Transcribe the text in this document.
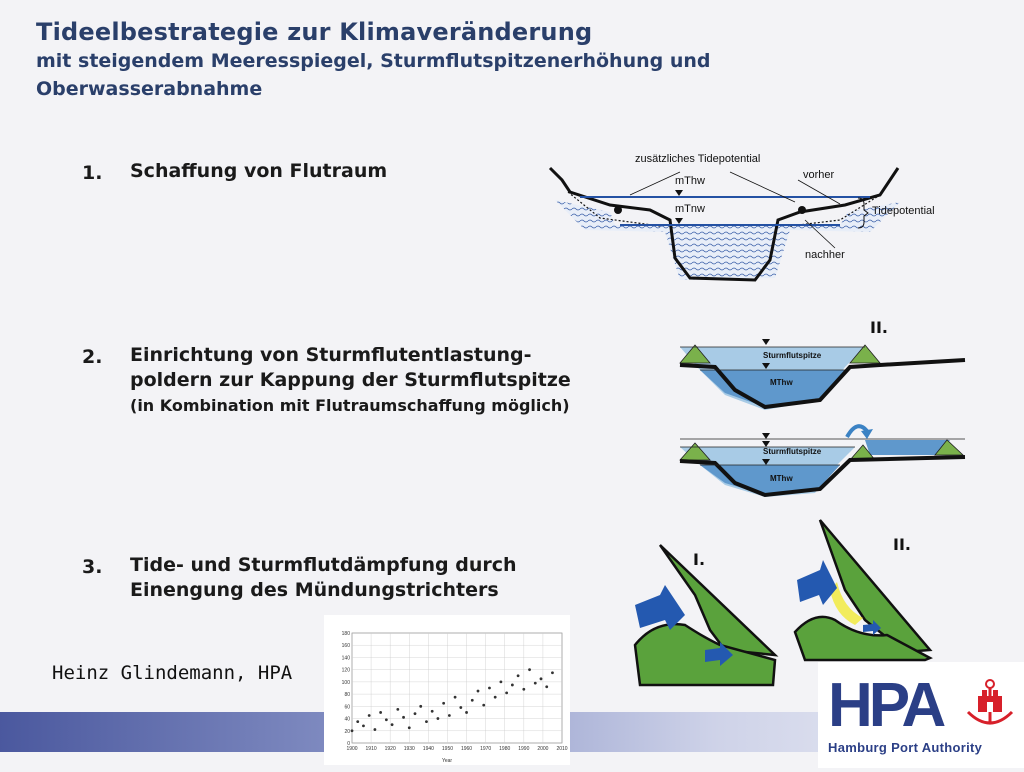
Tideelbestrategie zur Klimaveränderung
mit steigendem Meeresspiegel, Sturmflutspitzenerhöhung und
Oberwasserabnahme
1. Schaffung von Flutraum
2. Einrichtung von Sturmflutentlastung-
poldern zur Kappung der Sturmflutspitze
(in Kombination mit Flutraumschaffung möglich)
3. Tide- und Sturmflutdämpfung durch
Einengung des Mündungstrichters
zusätzliches Tidepotential
vorher
mThw
mTnw	Tidepotential
nachher
II.
Sturmflutspitze
MThw
Sturmflutspitze
MThw
I.
II.
0
20
40
60
80
100
120
140
160
180
1900 1910 1920 1930 1940 1950 1960 1970 1980 1990 2000 2010
Year
Heinz Glindemann, HPA	HPA
Hamburg Port Authority
